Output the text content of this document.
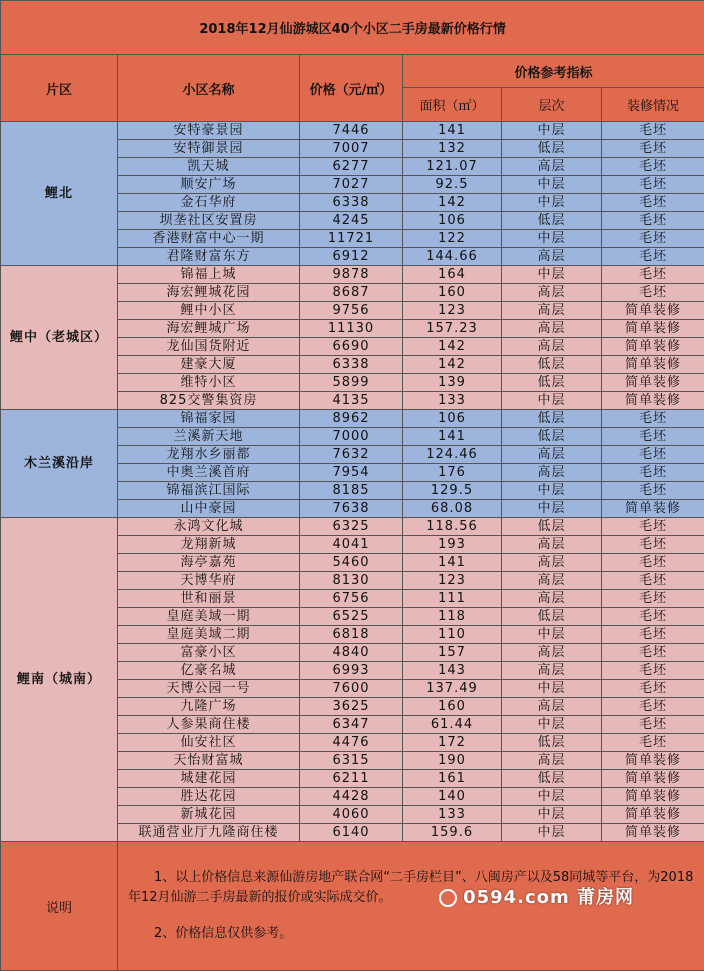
2018年12月仙游城区40个小区二手房最新价格行情					
片区	小区名称	价格（元/㎡）	价格参考指标		
			面积（㎡）	层次	装修情况
鲤北	安特豪景园	7446	141	中层	毛坯
	安特御景园	7007	132	低层	毛坯
	凯天城	6277	121.07	高层	毛坯
	顺安广场	7027	92.5	中层	毛坯
	金石华府	6338	142	中层	毛坯
	坝垄社区安置房	4245	106	低层	毛坯
	香港财富中心一期	11721	122	中层	毛坯
	君隆财富东方	6912	144.66	高层	毛坯
鲤中（老城区）	锦福上城	9878	164	中层	毛坯
	海宏鲤城花园	8687	160	高层	毛坯
	鲤中小区	9756	123	高层	简单装修
	海宏鲤城广场	11130	157.23	高层	简单装修
	龙仙国货附近	6690	142	高层	简单装修
	建豪大厦	6338	142	低层	简单装修
	维特小区	5899	139	低层	简单装修
	825交警集资房	4135	133	中层	简单装修
木兰溪沿岸	锦福家园	8962	106	低层	毛坯
	兰溪新天地	7000	141	低层	毛坯
	龙翔水乡丽都	7632	124.46	高层	毛坯
	中奥兰溪首府	7954	176	高层	毛坯
	锦福滨江国际	8185	129.5	中层	毛坯
	山中豪园	7638	68.08	中层	简单装修
鲤南（城南）	永鸿文化城	6325	118.56	低层	毛坯
	龙翔新城	4041	193	高层	毛坯
	海亭嘉苑	5460	141	高层	毛坯
	天博华府	8130	123	高层	毛坯
	世和丽景	6756	111	高层	毛坯
	皇庭美域一期	6525	118	低层	毛坯
	皇庭美域二期	6818	110	中层	毛坯
	富豪小区	4840	157	高层	毛坯
	亿豪名城	6993	143	高层	毛坯
	天博公园一号	7600	137.49	中层	毛坯
	九隆广场	3625	160	高层	毛坯
	人参果商住楼	6347	61.44	中层	毛坯
	仙安社区	4476	172	低层	毛坯
	天怡财富城	6315	190	高层	简单装修
	城建花园	6211	161	低层	简单装修
	胜达花园	4428	140	中层	简单装修
	新城花园	4060	133	中层	简单装修
	联通营业厅九隆商住楼	6140	159.6	中层	简单装修
说明	1、以上价格信息来源仙游房地产联合网“二手房栏目”、八闽房产以及58同城等平台，为2018年12月仙游二手房最新的报价或实际成交价。

2、价格信息仅供参考。

0594.com 莆房网				
